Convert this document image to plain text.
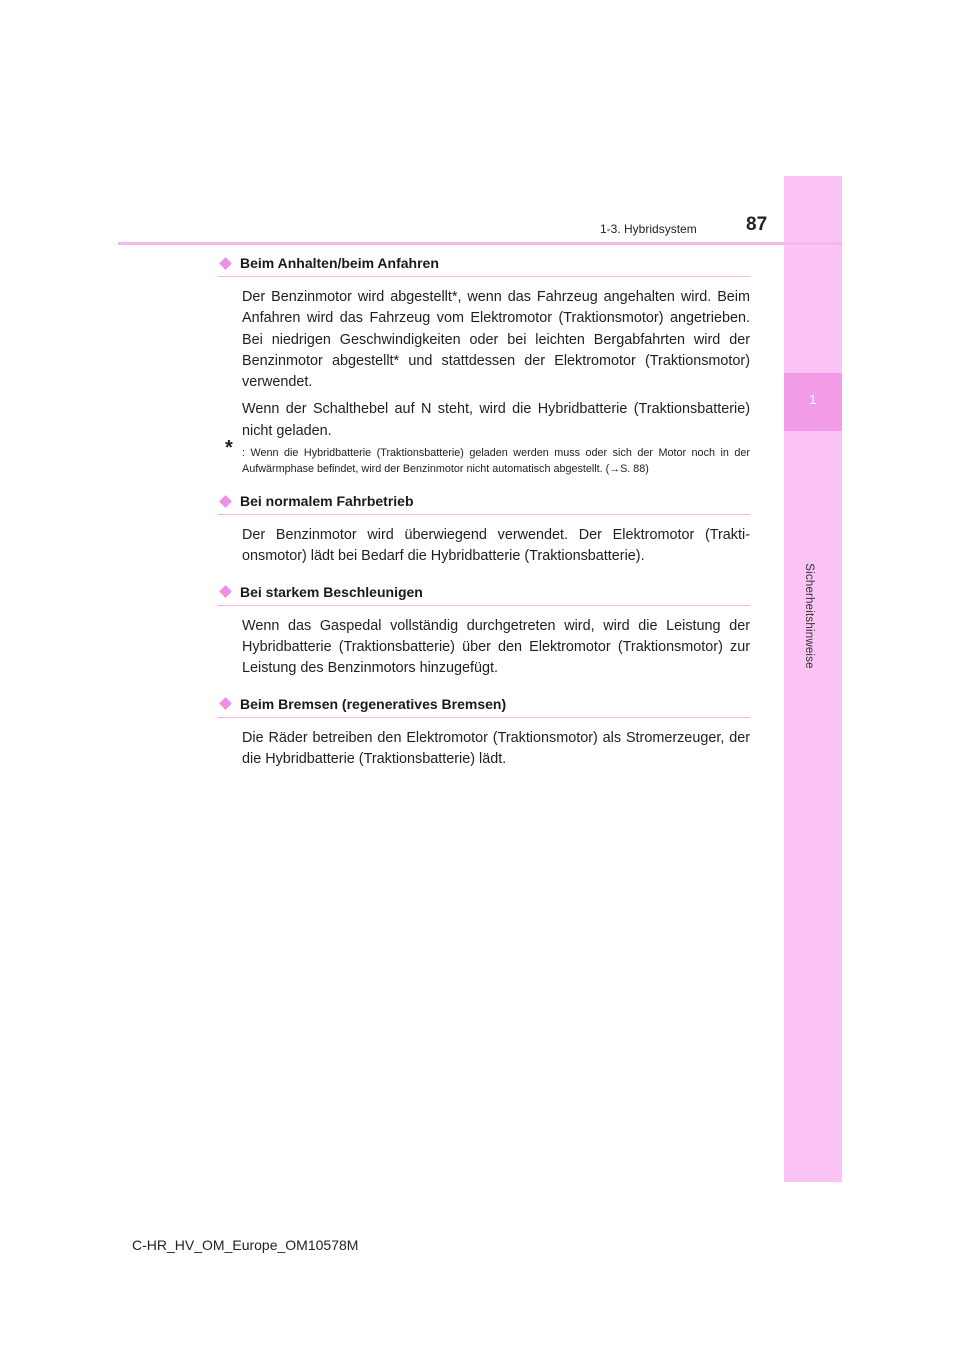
1
Sicherheitshinweise
1-3. Hybridsystem	87
Beim Anhalten/beim Anfahren

Der Benzinmotor wird abgestellt*, wenn das Fahrzeug angehalten wird. Beim Anfahren wird das Fahrzeug vom Elektromotor (Traktionsmotor) angetrieben. Bei niedrigen Geschwindigkeiten oder bei leichten Bergabfahrten wird der Benzinmotor abgestellt* und stattdessen der Elektromotor (Traktionsmotor) verwendet.

Wenn der Schalthebel auf N steht, wird die Hybridbatterie (Traktionsbatterie) nicht geladen.

* : Wenn die Hybridbatterie (Traktionsbatterie) geladen werden muss oder sich der Motor noch in der Aufwärmphase befindet, wird der Benzinmotor nicht automatisch abgestellt. (→S. 88)

Bei normalem Fahrbetrieb

Der Benzinmotor wird überwiegend verwendet. Der Elektromotor (Traktionsmotor) lädt bei Bedarf die Hybridbatterie (Traktionsbatterie).

Bei starkem Beschleunigen

Wenn das Gaspedal vollständig durchgetreten wird, wird die Leistung der Hybridbatterie (Traktionsbatterie) über den Elektromotor (Traktionsmotor) zur Leistung des Benzinmotors hinzugefügt.

Beim Bremsen (regeneratives Bremsen)

Die Räder betreiben den Elektromotor (Traktionsmotor) als Stromerzeuger, der die Hybridbatterie (Traktionsbatterie) lädt.

C-HR_HV_OM_Europe_OM10578M
